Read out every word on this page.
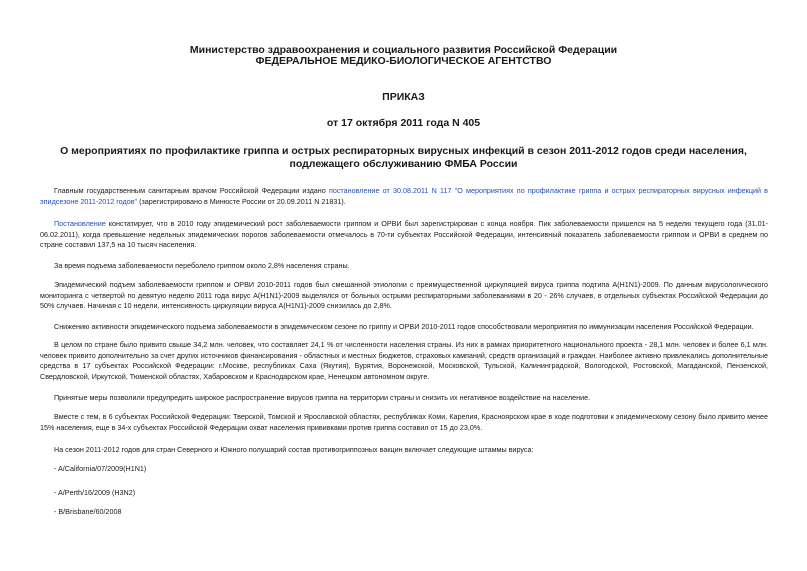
Министерство здравоохранения и социального развития Российской Федерации
ФЕДЕРАЛЬНОЕ МЕДИКО-БИОЛОГИЧЕСКОЕ АГЕНТСТВО
ПРИКАЗ
от 17 октября 2011 года N 405
О мероприятиях по профилактике гриппа и острых респираторных вирусных инфекций в сезон 2011-2012 годов среди населения, подлежащего обслуживанию ФМБА России

Главным государственным санитарным врачом Российской Федерации издано постановление от 30.08.2011 N 117 "О мероприятиях по профилактике гриппа и острых респираторных вирусных инфекций в эпидсезоне 2011-2012 годов" (зарегистрировано в Минюсте России от 20.09.2011 N 21831).

Постановление констатирует, что в 2010 году эпидемический рост заболеваемости гриппом и ОРВИ был зарегистрирован с конца ноября. Пик заболеваемости пришелся на 5 неделю текущего года (31.01-06.02.2011), когда превышение недельных эпидемических порогов заболеваемости отмечалось в 70-ти субъектах Российской Федерации, интенсивный показатель заболеваемости гриппом и ОРВИ в среднем по стране составил 137,5 на 10 тысяч населения.

За время подъема заболеваемости переболело гриппом около 2,8% населения страны.

Эпидемический подъем заболеваемости гриппом и ОРВИ 2010-2011 годов был смешанной этиологии с преимущественной циркуляцией вируса гриппа подтипа A(H1N1)-2009. По данным вирусологического мониторинга с четвертой по девятую неделю 2011 года вирус A(H1N1)-2009 выделялся от больных острыми респираторными заболеваниями в 20 - 26% случаев, в отдельных субъектах Российской Федерации до 50% случаев. Начиная с 10 недели, интенсивность циркуляции вируса A(H1N1)-2009 снизилась до 2,8%.

Снижению активности эпидемического подъема заболеваемости в эпидемическом сезоне по гриппу и ОРВИ 2010-2011 годов способствовали мероприятия по иммунизации населения Российской Федерации.

В целом по стране было привито свыше 34,2 млн. человек, что составляет 24,1 % от численности населения страны. Из них в рамках приоритетного национального проекта - 28,1 млн. человек и более 6,1 млн. человек привито дополнительно за счет других источников финансирования - областных и местных бюджетов, страховых кампаний, средств организаций и граждан. Наиболее активно привлекались дополнительные средства в 17 субъектах Российской Федерации: г.Москве, республиках Саха (Якутия), Бурятия, Воронежской, Московской, Тульской, Калининградской, Вологодской, Ростовской, Магаданской, Пензенской, Свердловской, Иркутской, Тюменской областях, Хабаровском и Краснодарском крае, Ненецком автономном округе.

Принятые меры позволили предупредить широкое распространение вирусов гриппа на территории страны и снизить их негативное воздействие на население.

Вместе с тем, в 6 субъектах Российской Федерации: Тверской, Томской и Ярославской областях, республиках Коми, Карелия, Красноярском крае в ходе подготовки к эпидемическому сезону было привито менее 15% населения, еще в 34-х субъектах Российской Федерации охват населения прививками против гриппа составил от 15 до 23,0%.

На сезон 2011-2012 годов для стран Северного и Южного полушарий состав противогриппозных вакцин включает следующие штаммы вируса:

- A/California/07/2009(H1N1)

- A/Perth/16/2009 (H3N2)

- B/Brisbane/60/2008
